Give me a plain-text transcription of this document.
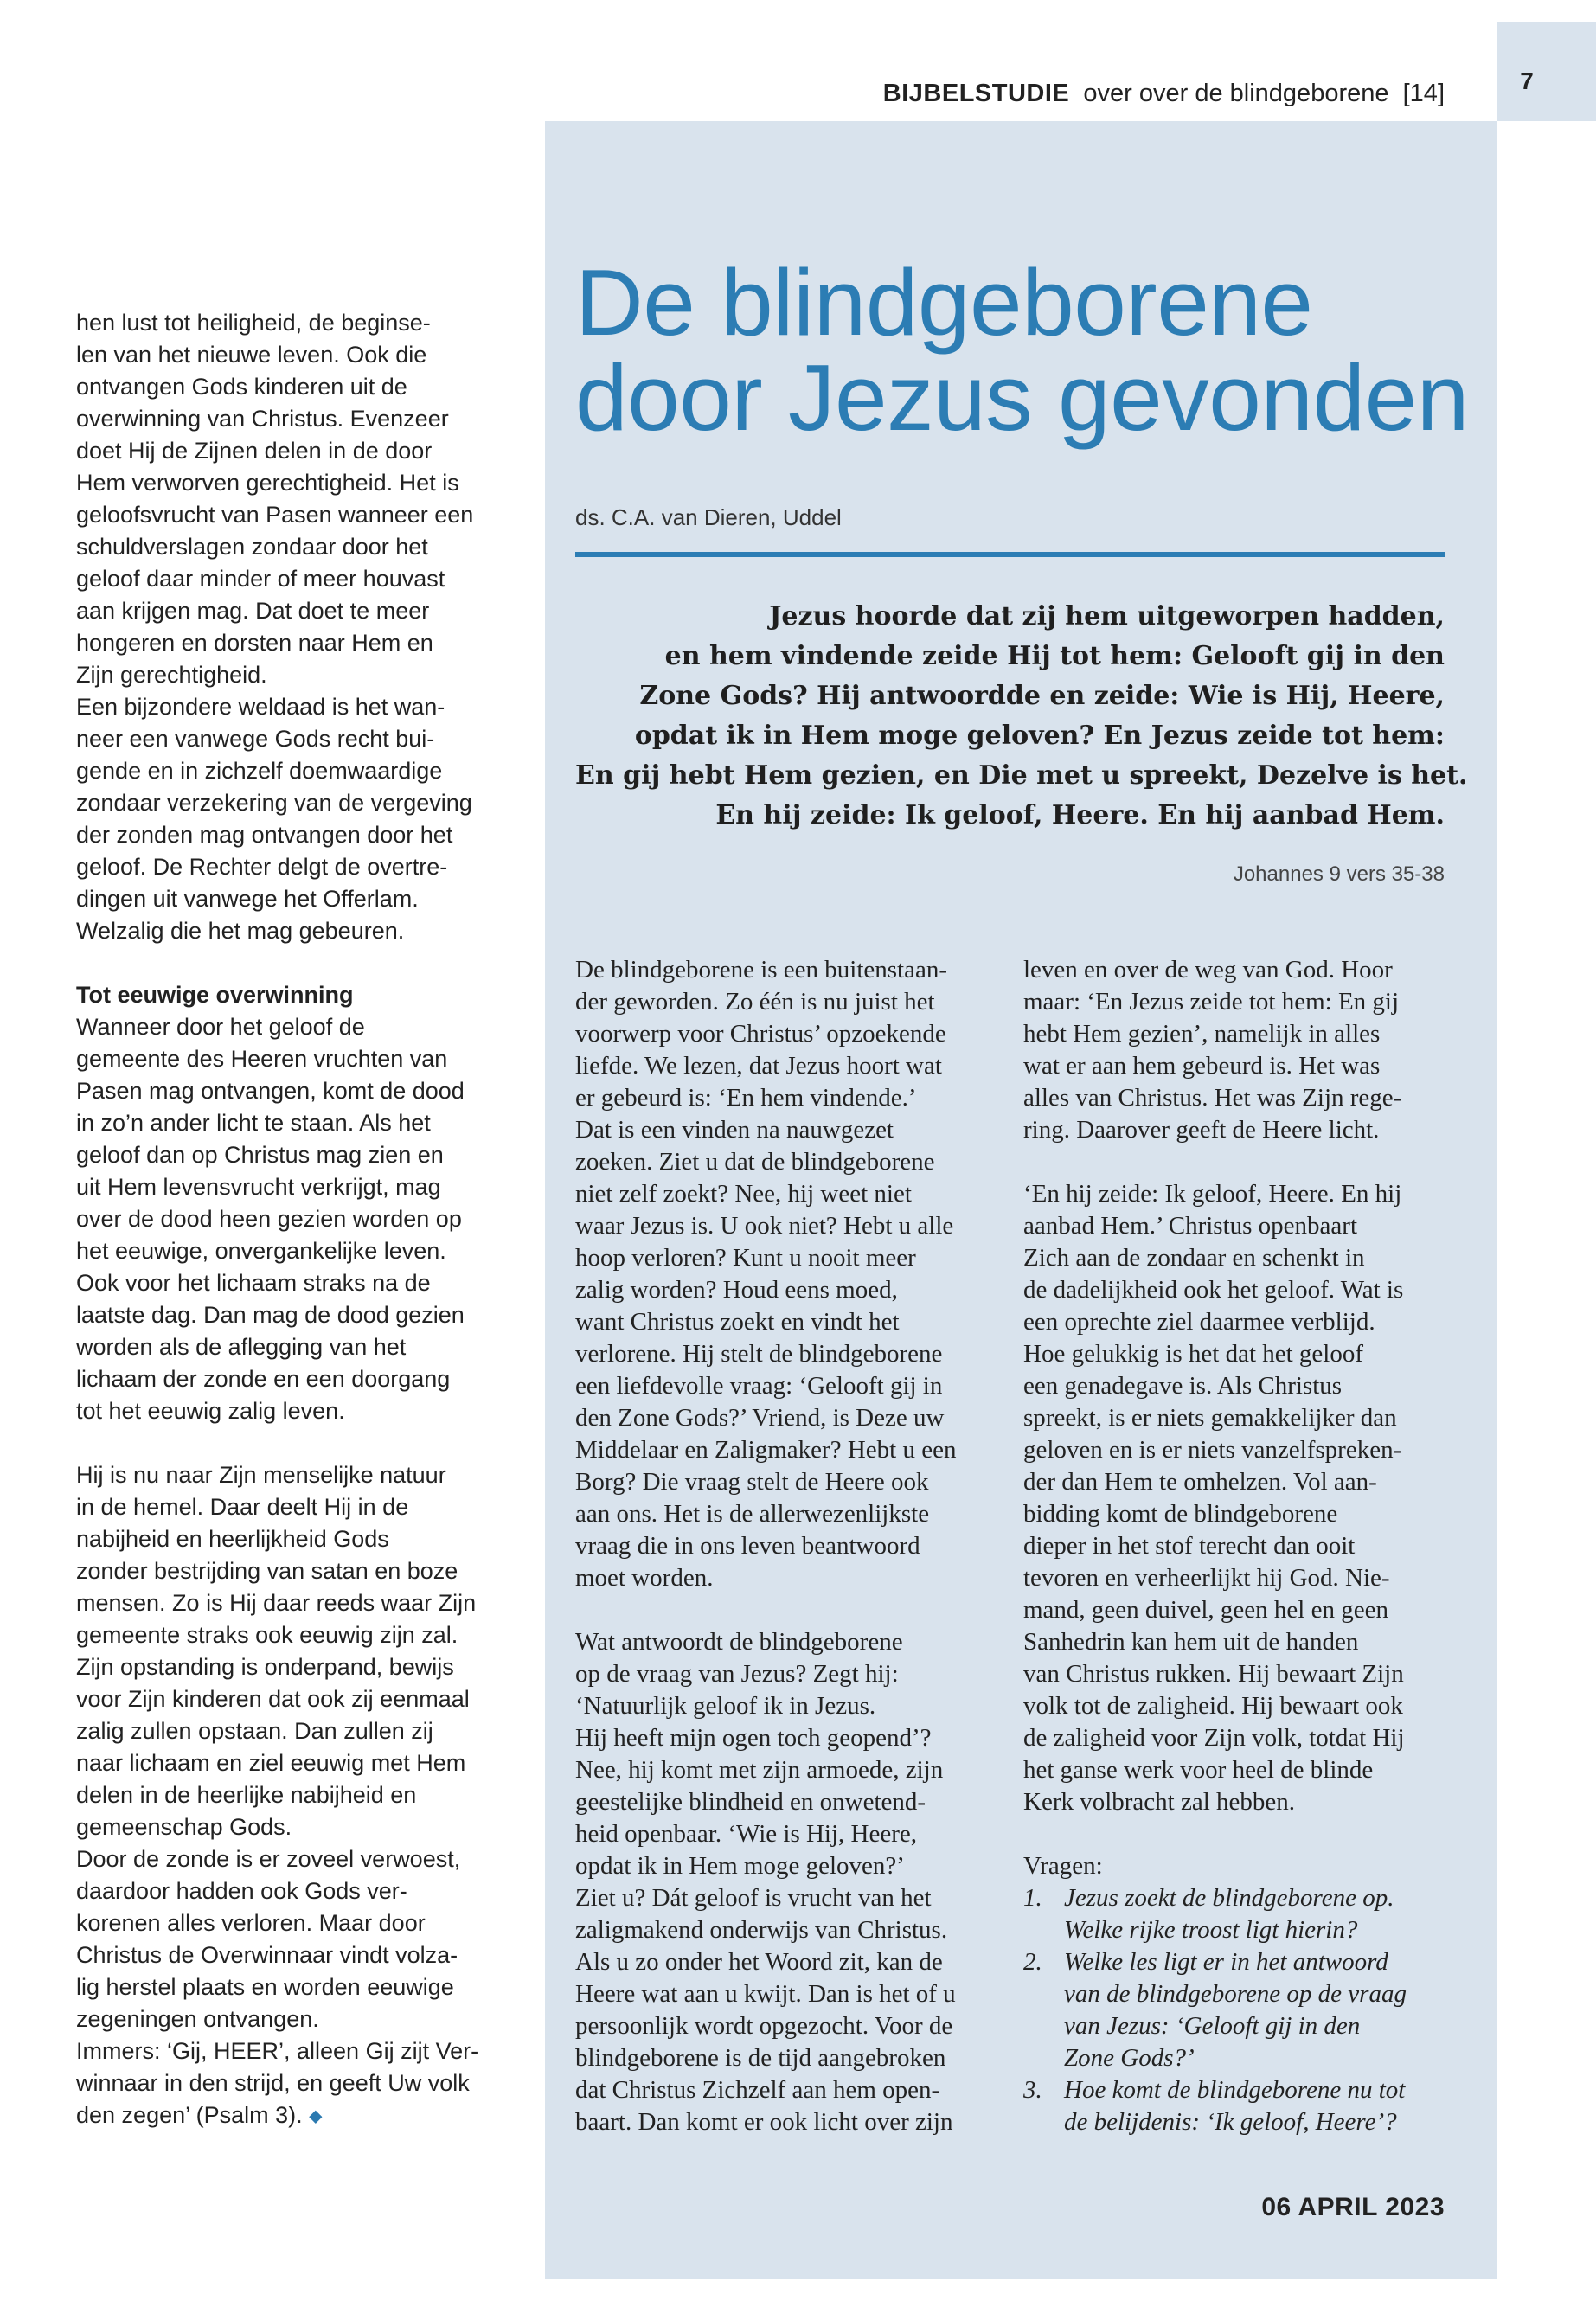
7
BIJBELSTUDIE over over de blindgeborene [14]

hen lust tot heiligheid, de beginse-

len van het nieuwe leven. Ook die

ontvangen Gods kinderen uit de

overwinning van Christus. Evenzeer

doet Hij de Zijnen delen in de door

Hem verworven gerechtigheid. Het is

geloofsvrucht van Pasen wanneer een

schuldverslagen zondaar door het

geloof daar minder of meer houvast

aan krijgen mag. Dat doet te meer

hongeren en dorsten naar Hem en

Zijn gerechtigheid.

Een bijzondere weldaad is het wan-

neer een vanwege Gods recht bui-

gende en in zichzelf doemwaardige

zondaar verzekering van de vergeving

der zonden mag ontvangen door het

geloof. De Rechter delgt de overtre-

dingen uit vanwege het Offerlam.

Welzalig die het mag gebeuren.

Tot eeuwige overwinning

Wanneer door het geloof de

gemeente des Heeren vruchten van

Pasen mag ontvangen, komt de dood

in zo’n ander licht te staan. Als het

geloof dan op Christus mag zien en

uit Hem levensvrucht verkrijgt, mag

over de dood heen gezien worden op

het eeuwige, onvergankelijke leven.

Ook voor het lichaam straks na de

laatste dag. Dan mag de dood gezien

worden als de aflegging van het

lichaam der zonde en een doorgang

tot het eeuwig zalig leven.

Hij is nu naar Zijn menselijke natuur

in de hemel. Daar deelt Hij in de

nabijheid en heerlijkheid Gods

zonder bestrijding van satan en boze

mensen. Zo is Hij daar reeds waar Zijn

gemeente straks ook eeuwig zijn zal.

Zijn opstanding is onderpand, bewijs

voor Zijn kinderen dat ook zij eenmaal

zalig zullen opstaan. Dan zullen zij

naar lichaam en ziel eeuwig met Hem

delen in de heerlijke nabijheid en

gemeenschap Gods.

Door de zonde is er zoveel verwoest,

daardoor hadden ook Gods ver-

korenen alles verloren. Maar door

Christus de Overwinnaar vindt volza-

lig herstel plaats en worden eeuwige

zegeningen ontvangen.

Immers: ‘Gij, HEER’, alleen Gij zijt Ver-

winnaar in den strijd, en geeft Uw volk

den zegen’ (Psalm 3). ◆

De blindgeborene
door Jezus gevonden
ds. C.A. van Dieren, Uddel
Jezus hoorde dat zij hem uitgeworpen hadden,
en hem vindende zeide Hij tot hem: Gelooft gij in den
Zone Gods? Hij antwoordde en zeide: Wie is Hij, Heere,
opdat ik in Hem moge geloven? En Jezus zeide tot hem:
En gij hebt Hem gezien, en Die met u spreekt, Dezelve is het.
En hij zeide: Ik geloof, Heere. En hij aanbad Hem.
Johannes 9 vers 35-38

De blindgeborene is een buitenstaan-

der geworden. Zo één is nu juist het

voorwerp voor Christus’ opzoekende

liefde. We lezen, dat Jezus hoort wat

er gebeurd is: ‘En hem vindende.’

Dat is een vinden na nauwgezet

zoeken. Ziet u dat de blindgeborene

niet zelf zoekt? Nee, hij weet niet

waar Jezus is. U ook niet? Hebt u alle

hoop verloren? Kunt u nooit meer

zalig worden? Houd eens moed,

want Christus zoekt en vindt het

verlorene. Hij stelt de blindgeborene

een liefdevolle vraag: ‘Gelooft gij in

den Zone Gods?’ Vriend, is Deze uw

Middelaar en Zaligmaker? Hebt u een

Borg? Die vraag stelt de Heere ook

aan ons. Het is de allerwezenlijkste

vraag die in ons leven beantwoord

moet worden.

Wat antwoordt de blindgeborene

op de vraag van Jezus? Zegt hij:

‘Natuurlijk geloof ik in Jezus.

Hij heeft mijn ogen toch geopend’?

Nee, hij komt met zijn armoede, zijn

geestelijke blindheid en onwetend-

heid openbaar. ‘Wie is Hij, Heere,

opdat ik in Hem moge geloven?’

Ziet u? Dát geloof is vrucht van het

zaligmakend onderwijs van Christus.

Als u zo onder het Woord zit, kan de

Heere wat aan u kwijt. Dan is het of u

persoonlijk wordt opgezocht. Voor de

blindgeborene is de tijd aangebroken

dat Christus Zichzelf aan hem open-

baart. Dan komt er ook licht over zijn

leven en over de weg van God. Hoor

maar: ‘En Jezus zeide tot hem: En gij

hebt Hem gezien’, namelijk in alles

wat er aan hem gebeurd is. Het was

alles van Christus. Het was Zijn rege-

ring. Daarover geeft de Heere licht.

‘En hij zeide: Ik geloof, Heere. En hij

aanbad Hem.’ Christus openbaart

Zich aan de zondaar en schenkt in

de dadelijkheid ook het geloof. Wat is

een oprechte ziel daarmee verblijd.

Hoe gelukkig is het dat het geloof

een genadegave is. Als Christus

spreekt, is er niets gemakkelijker dan

geloven en is er niets vanzelfspreken-

der dan Hem te omhelzen. Vol aan-

bidding komt de blindgeborene

dieper in het stof terecht dan ooit

tevoren en verheerlijkt hij God. Nie-

mand, geen duivel, geen hel en geen

Sanhedrin kan hem uit de handen

van Christus rukken. Hij bewaart Zijn

volk tot de zaligheid. Hij bewaart ook

de zaligheid voor Zijn volk, totdat Hij

het ganse werk voor heel de blinde

Kerk volbracht zal hebben.

Vragen:

1. Jezus zoekt de blindgeborene op.
Welke rijke troost ligt hierin?
2. Welke les ligt er in het antwoord
van de blindgeborene op de vraag
van Jezus: ‘Gelooft gij in den
Zone Gods?’
3. Hoe komt de blindgeborene nu tot
de belijdenis: ‘Ik geloof, Heere’?
06 APRIL 2023
